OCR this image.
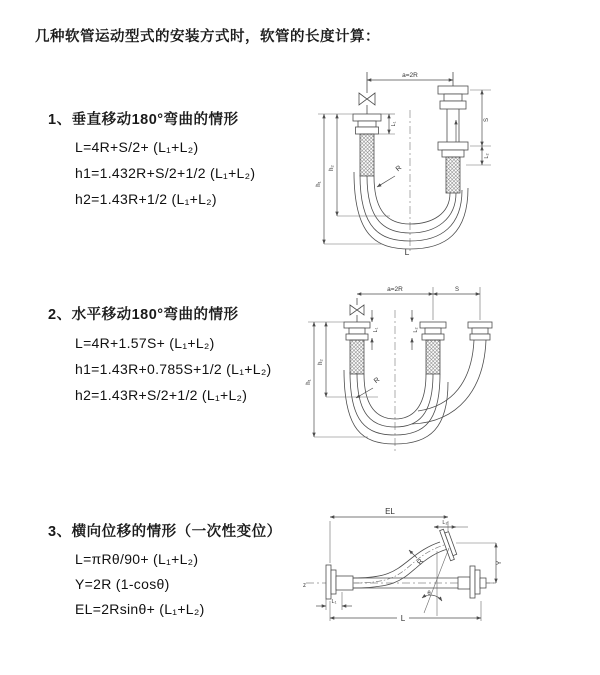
几种软管运动型式的安装方式时，软管的长度计算：
1、垂直移动180°弯曲的情形
L=4R+S/2+ (L₁+L₂)
h1=1.432R+S/2+1/2 (L₁+L₂)
h2=1.43R+1/2 (L₁+L₂)
2、水平移动180°弯曲的情形
L=4R+1.57S+ (L₁+L₂)
h1=1.43R+0.785S+1/2 (L₁+L₂)
h2=1.43R+S/2+1/2 (L₁+L₂)
3、横向位移的情形（一次性变位）
L=πRθ/90+ (L₁+L₂)
Y=2R (1-cosθ)
EL=2Rsinθ+ (L₁+L₂)
a=2R
S
L₂
L₁
h₁
h₂	R
L
a=2R	S
h₁
h₂
L₁	L₂
R
z
θ
EL
L₂
Y
R
L
L₁
